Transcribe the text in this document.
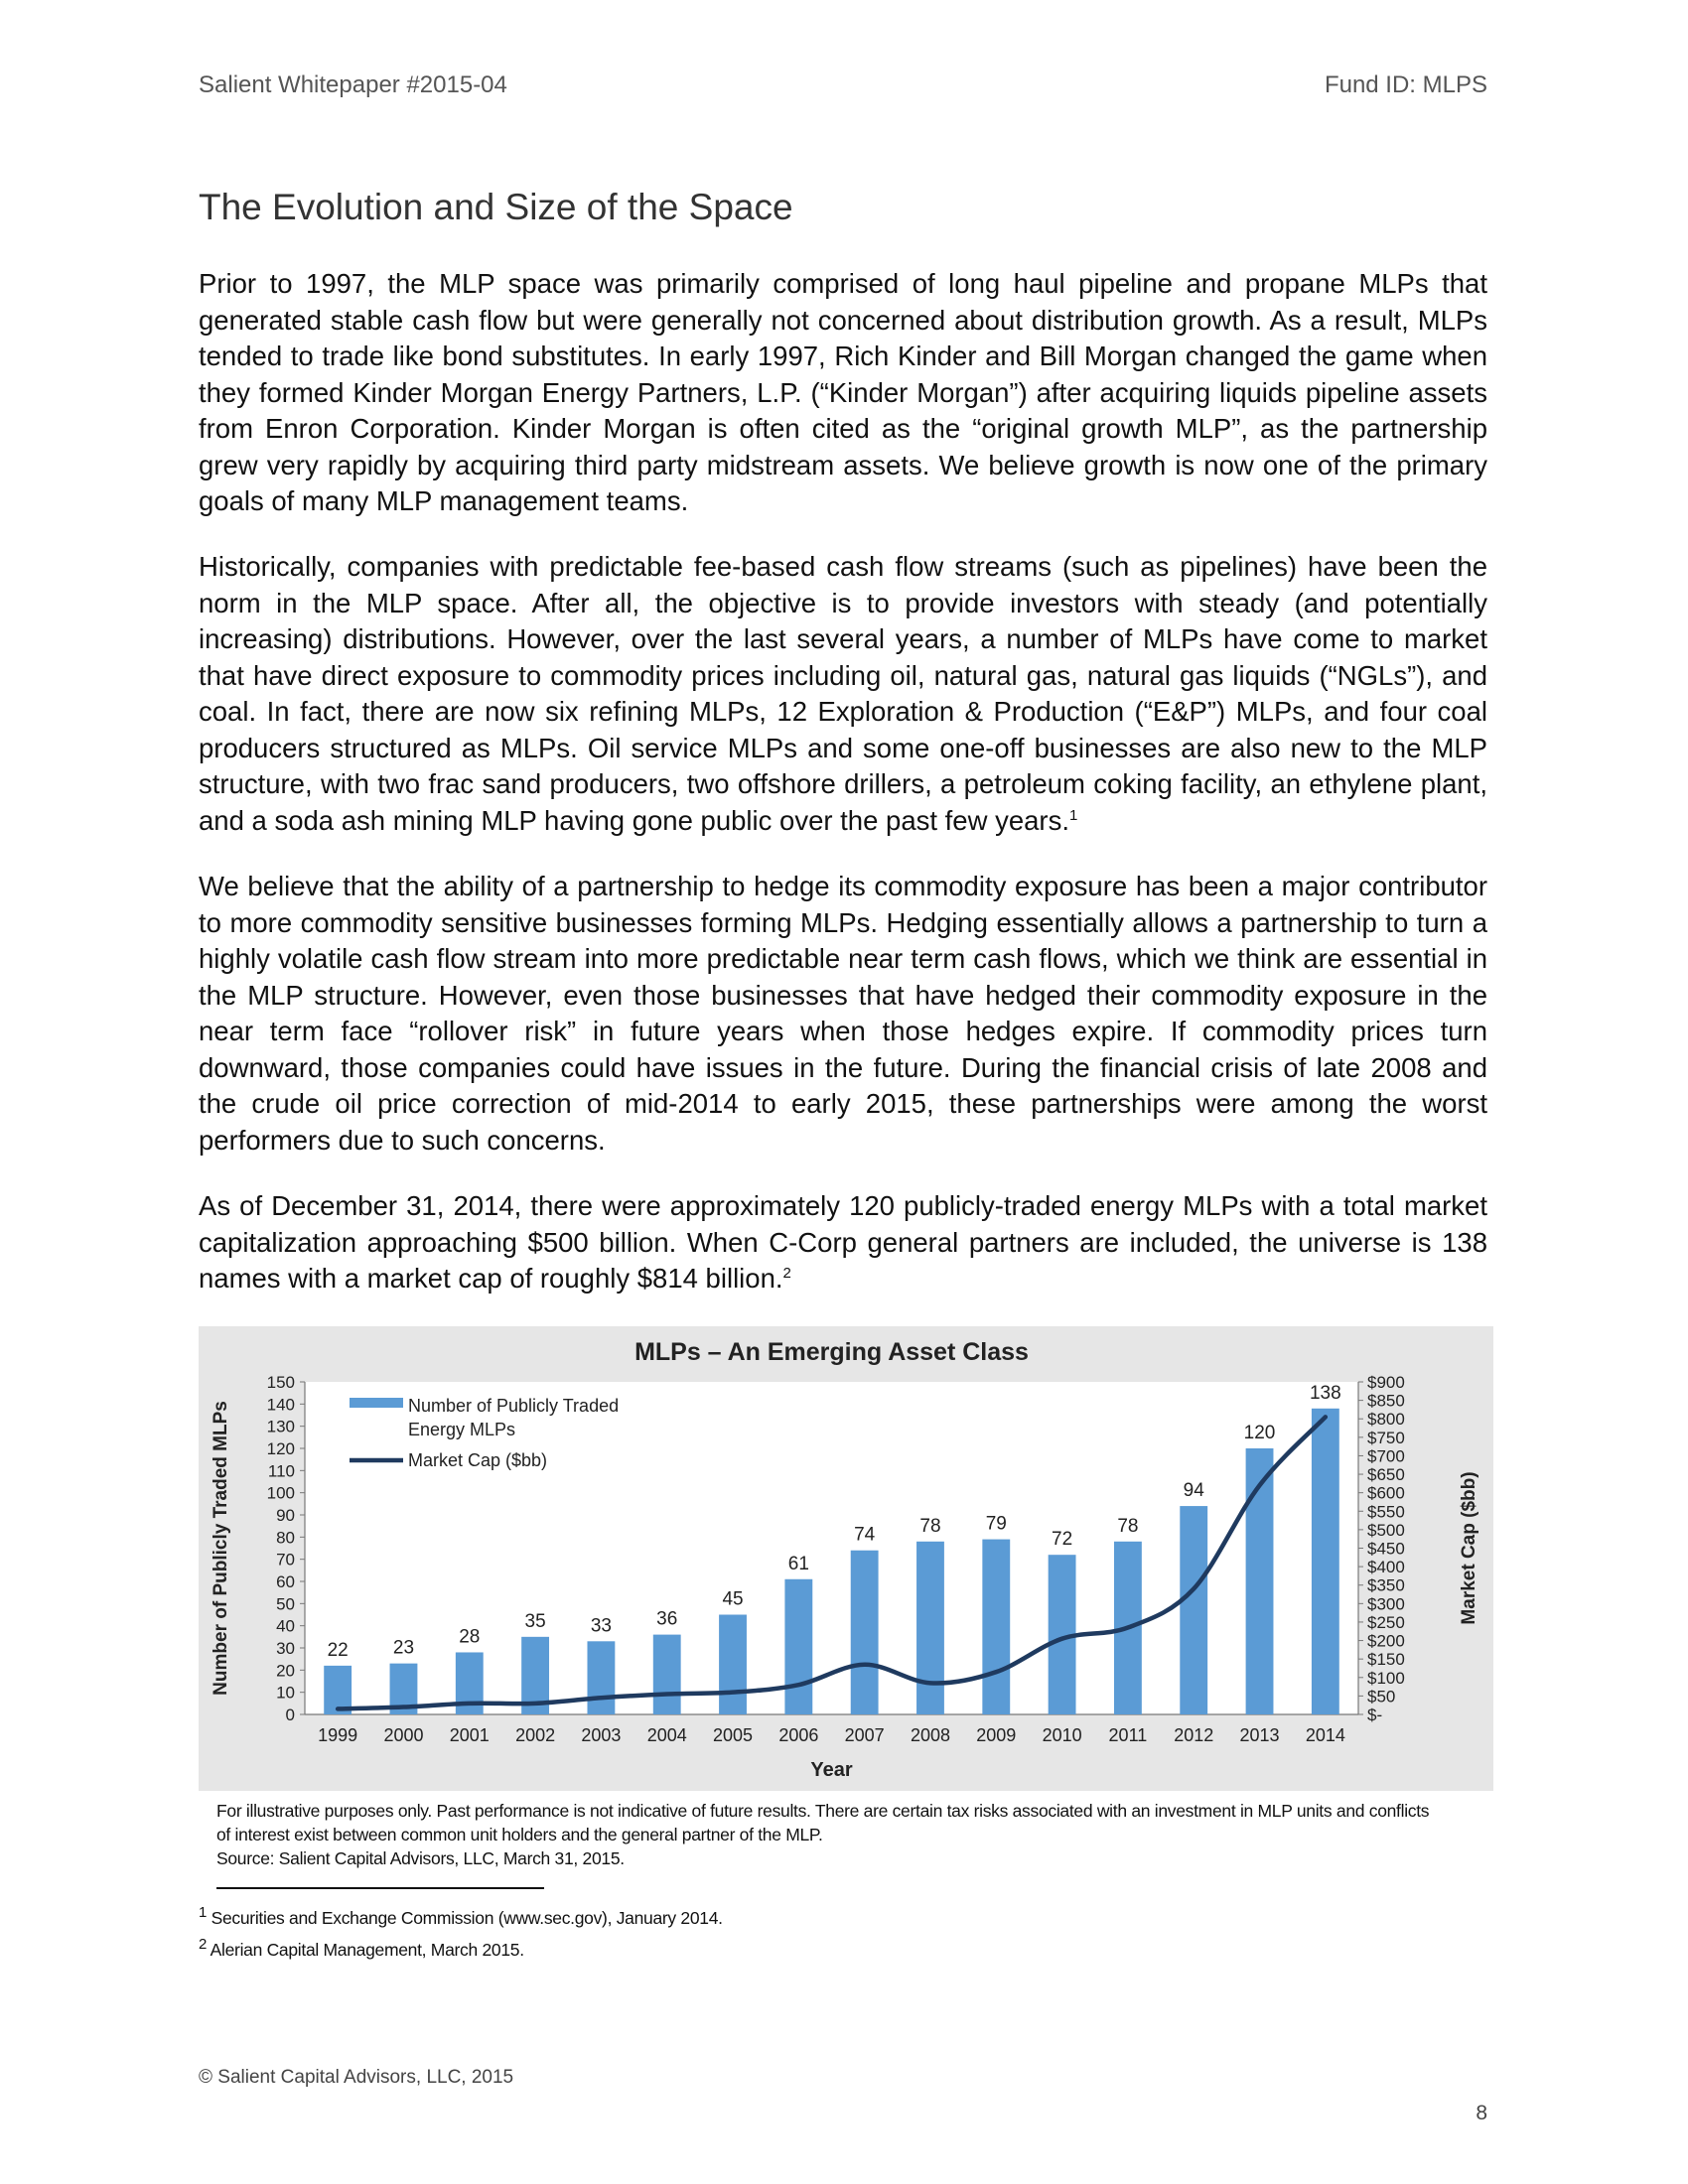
Salient Whitepaper #2015-04	Fund ID: MLPS
The Evolution and Size of the Space

Prior to 1997, the MLP space was primarily comprised of long haul pipeline and propane MLPs that generated stable cash flow but were generally not concerned about distribution growth. As a result, MLPs tended to trade like bond substitutes. In early 1997, Rich Kinder and Bill Morgan changed the game when they formed Kinder Morgan Energy Partners, L.P. (“Kinder Morgan”) after acquiring liquids pipeline assets from Enron Corporation. Kinder Morgan is often cited as the “original growth MLP”, as the partnership grew very rapidly by acquiring third party midstream assets. We believe growth is now one of the primary goals of many MLP management teams.

Historically, companies with predictable fee-based cash flow streams (such as pipelines) have been the norm in the MLP space. After all, the objective is to provide investors with steady (and potentially increasing) distributions. However, over the last several years, a number of MLPs have come to market that have direct exposure to commodity prices including oil, natural gas, natural gas liquids (“NGLs”), and coal. In fact, there are now six refining MLPs, 12 Exploration & Production (“E&P”) MLPs, and four coal producers structured as MLPs. Oil service MLPs and some one-off businesses are also new to the MLP structure, with two frac sand producers, two offshore drillers, a petroleum coking facility, an ethylene plant, and a soda ash mining MLP having gone public over the past few years.$^1$

We believe that the ability of a partnership to hedge its commodity exposure has been a major contributor to more commodity sensitive businesses forming MLPs. Hedging essentially allows a partnership to turn a highly volatile cash flow stream into more predictable near term cash flows, which we think are essential in the MLP structure. However, even those businesses that have hedged their commodity exposure in the near term face “rollover risk” in future years when those hedges expire. If commodity prices turn downward, those companies could have issues in the future. During the financial crisis of late 2008 and the crude oil price correction of mid-2014 to early 2015, these partnerships were among the worst performers due to such concerns.

As of December 31, 2014, there were approximately 120 publicly-traded energy MLPs with a total market capitalization approaching $500 billion. When C-Corp general partners are included, the universe is 138 names with a market cap of roughly $814 billion.$^2$

MLPs – An Emerging Asset Class
0
10
20
30
40
50
60
70
80
90
100
110
120
130
140
150
$-
$50
$100
$150
$200
$250
$300
$350
$400
$450
$500
$550
$600
$650
$700
$750
$800
$850
$900
22 23
28
35 33 36
45
61
74 78 79
72
78
94
120
138
1999 2000 2001 2002 2003 2004 2005 2006 2007 2008 2009 2010 2011 2012 2013 2014
Number of Publicly Traded
Energy MLPs
Market Cap ($bb)
Year
Number of Publicly Traded MLPs	Market Cap ($bb)
For illustrative purposes only. Past performance is not indicative of future results. There are certain tax risks associated with an investment in MLP units and conflicts
of interest exist between common unit holders and the general partner of the MLP.
Source: Salient Capital Advisors, LLC, March 31, 2015.
$^1$ Securities and Exchange Commission (www.sec.gov), January 2014.
$^2$ Alerian Capital Management, March 2015.
© Salient Capital Advisors, LLC, 2015
8
